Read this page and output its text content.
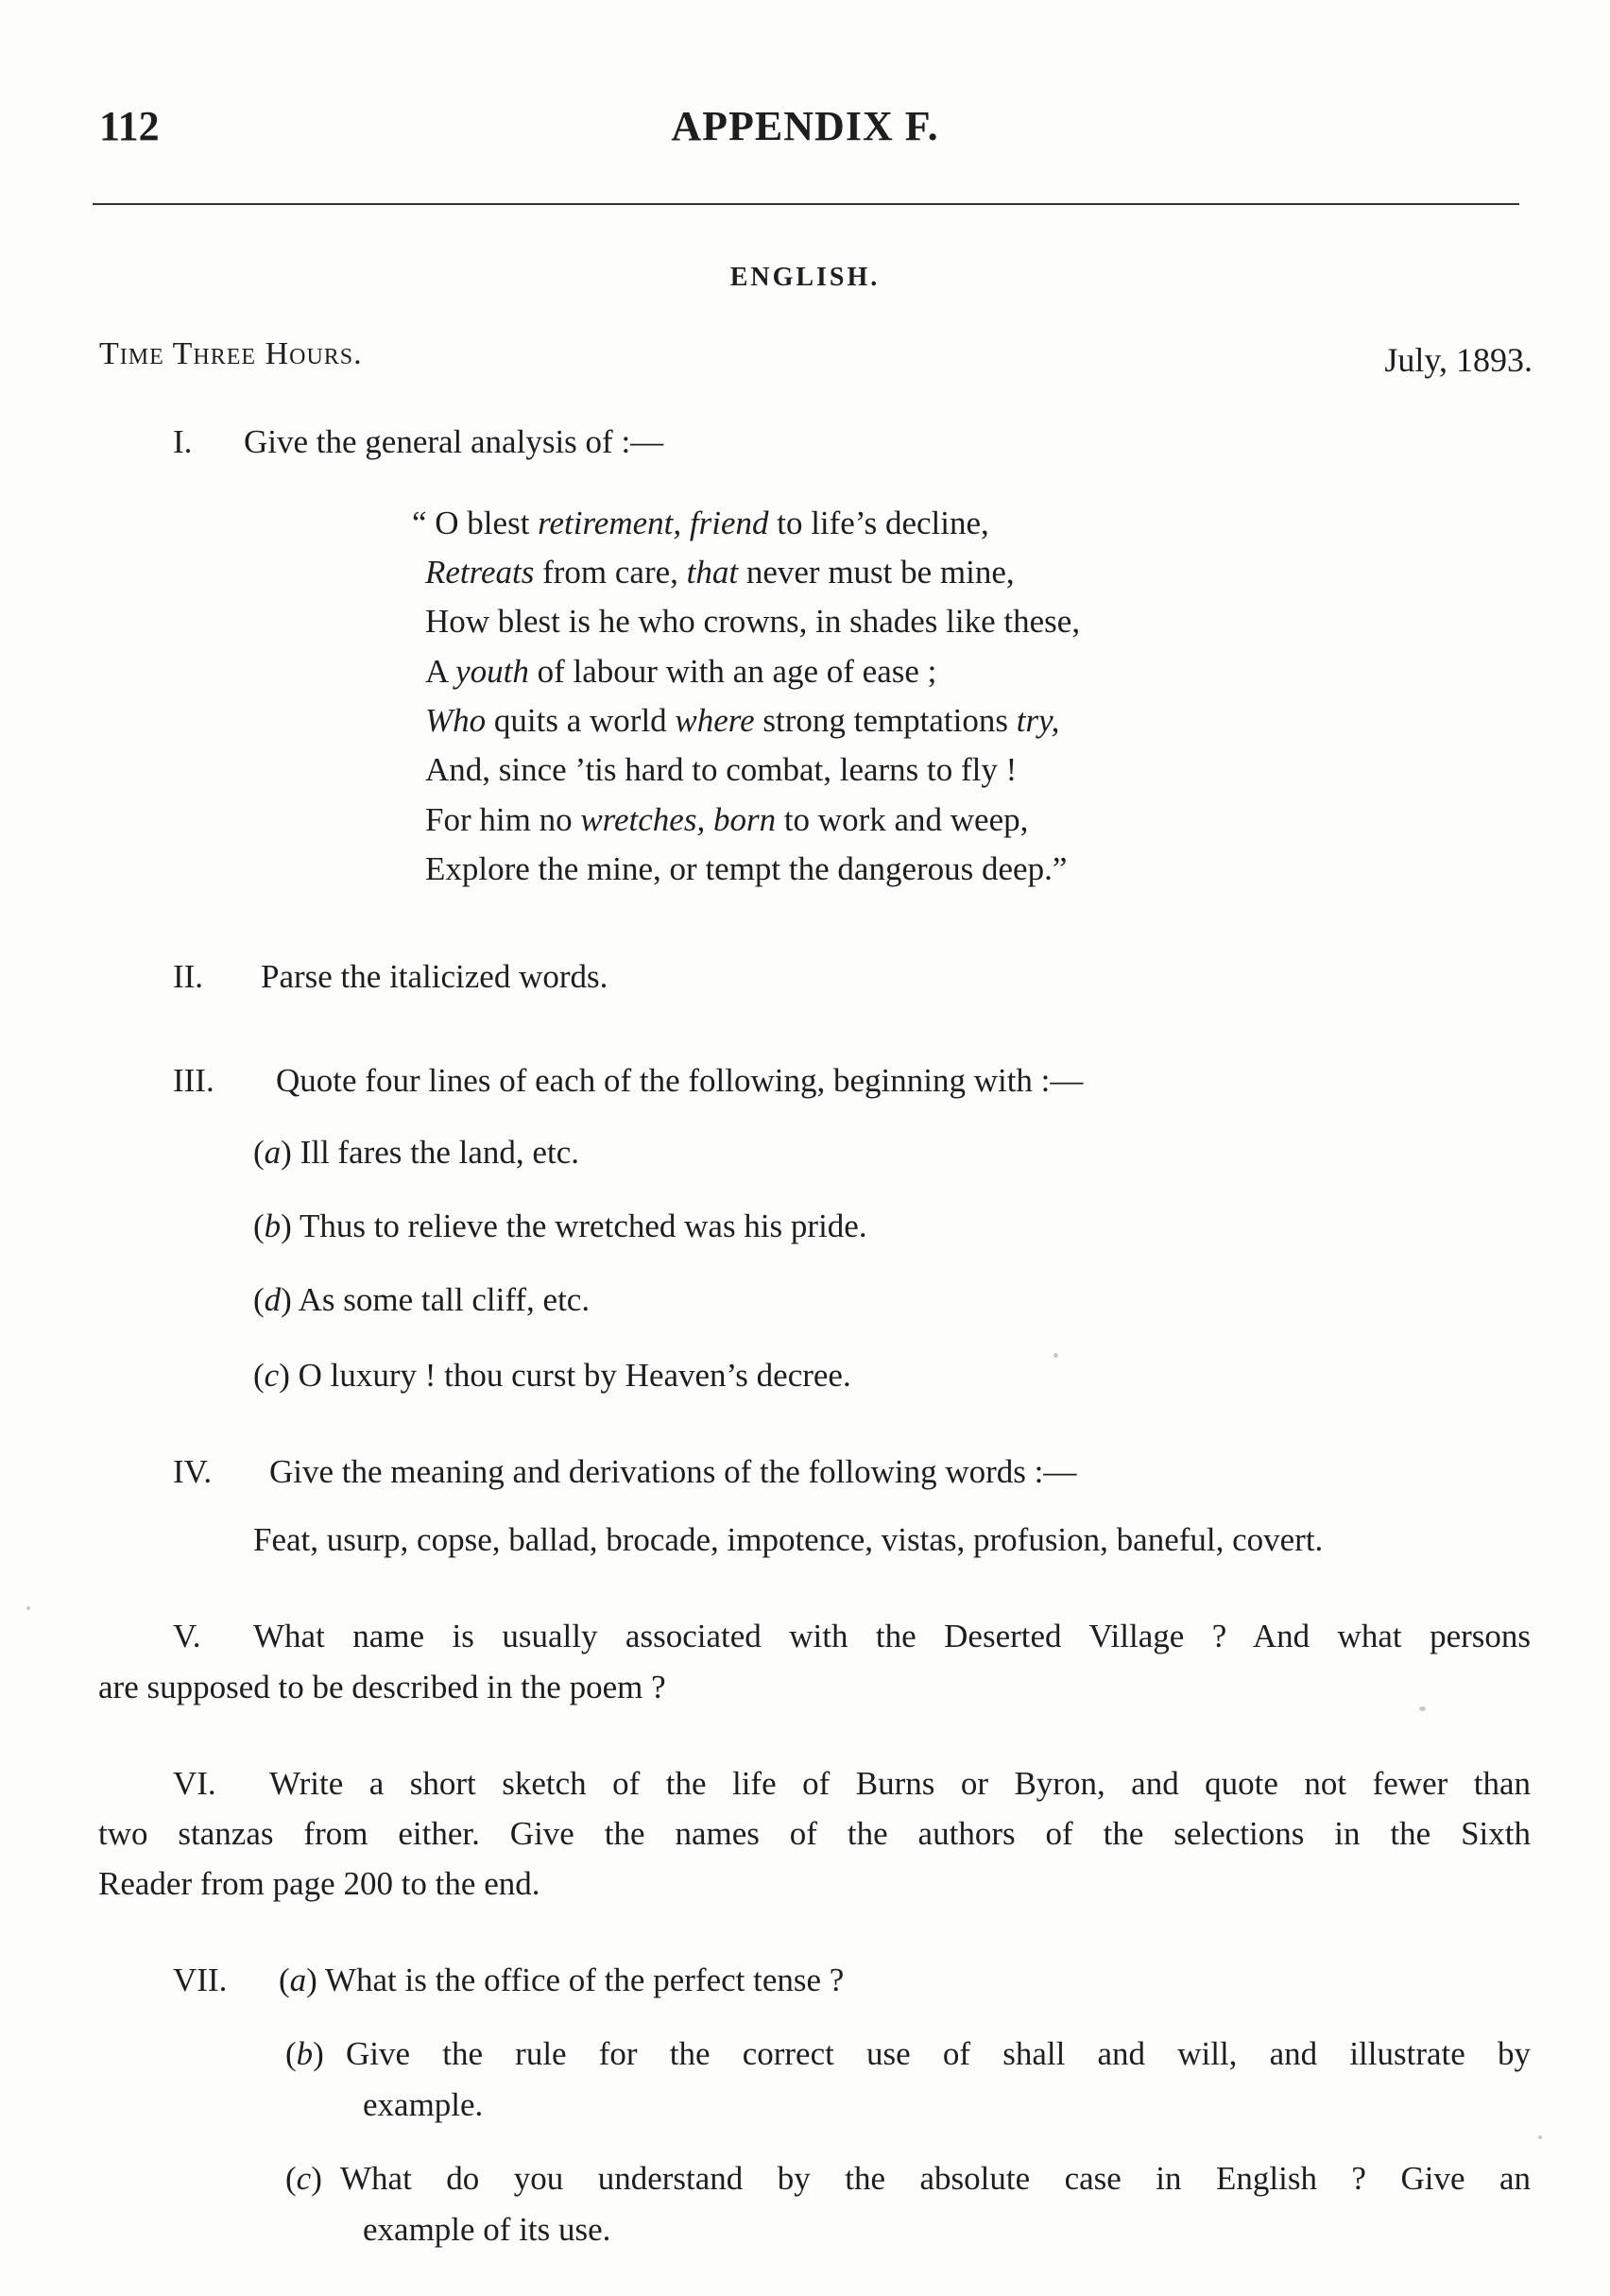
112	APPENDIX F.
ENGLISH.
Time Three Hours.	July, 1893.
I. Give the general analysis of :—
“ O blest retirement, friend to life’s decline,
Retreats from care, that never must be mine,
How blest is he who crowns, in shades like these,
A youth of labour with an age of ease ;
Who quits a world where strong temptations try,
And, since ’tis hard to combat, learns to fly !
For him no wretches, born to work and weep,
Explore the mine, or tempt the dangerous deep.”
II. Parse the italicized words.
III. Quote four lines of each of the following, beginning with :—
(a) Ill fares the land, etc.
(b) Thus to relieve the wretched was his pride.
(d) As some tall cliff, etc.
(c) O luxury ! thou curst by Heaven’s decree.
IV. Give the meaning and derivations of the following words :—
Feat, usurp, copse, ballad, brocade, impotence, vistas, profusion, baneful, covert.
V. What name is usually associated with the Deserted Village ? And what persons
are supposed to be described in the poem ?
VI. Write a short sketch of the life of Burns or Byron, and quote not fewer than
two stanzas from either. Give the names of the authors of the selections in the Sixth
Reader from page 200 to the end.
VII. (a) What is the office of the perfect tense ?
(b) Give the rule for the correct use of shall and will, and illustrate by
example.
(c) What do you understand by the absolute case in English ? Give an
example of its use.
